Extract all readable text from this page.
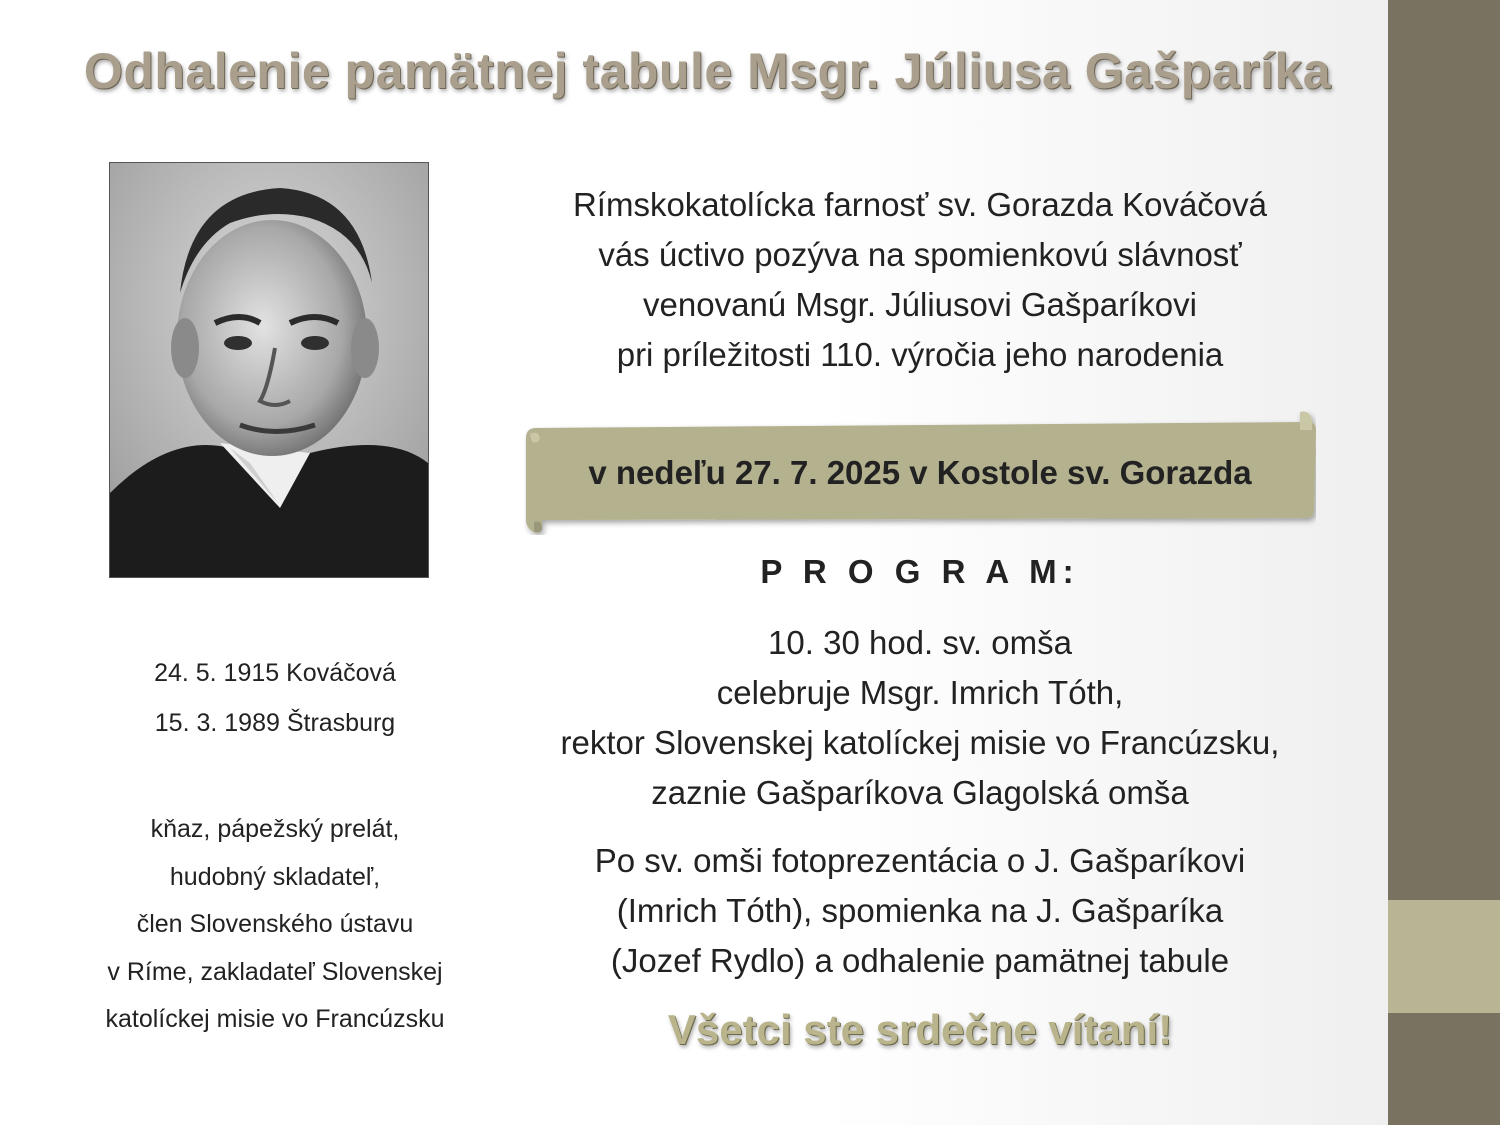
Odhalenie pamätnej tabule Msgr. Júliusa Gašparíka
24. 5. 1915 Kováčová
15. 3. 1989 Štrasburg
kňaz, pápežský prelát,
hudobný skladateľ,
člen Slovenského ústavu
v Ríme, zakladateľ Slovenskej
katolíckej misie vo Francúzsku
Rímskokatolícka farnosť sv. Gorazda Kováčová
vás úctivo pozýva na spomienkovú slávnosť
venovanú Msgr. Júliusovi Gašparíkovi
pri príležitosti 110. výročia jeho narodenia
v nedeľu 27. 7. 2025 v Kostole sv. Gorazda
P R O G R A M:
10. 30 hod. sv. omša
celebruje Msgr. Imrich Tóth,
rektor Slovenskej katolíckej misie vo Francúzsku,
zaznie Gašparíkova Glagolská omša
Po sv. omši fotoprezentácia o J. Gašparíkovi
(Imrich Tóth), spomienka na J. Gašparíka
(Jozef Rydlo) a odhalenie pamätnej tabule
Všetci ste srdečne vítaní!
